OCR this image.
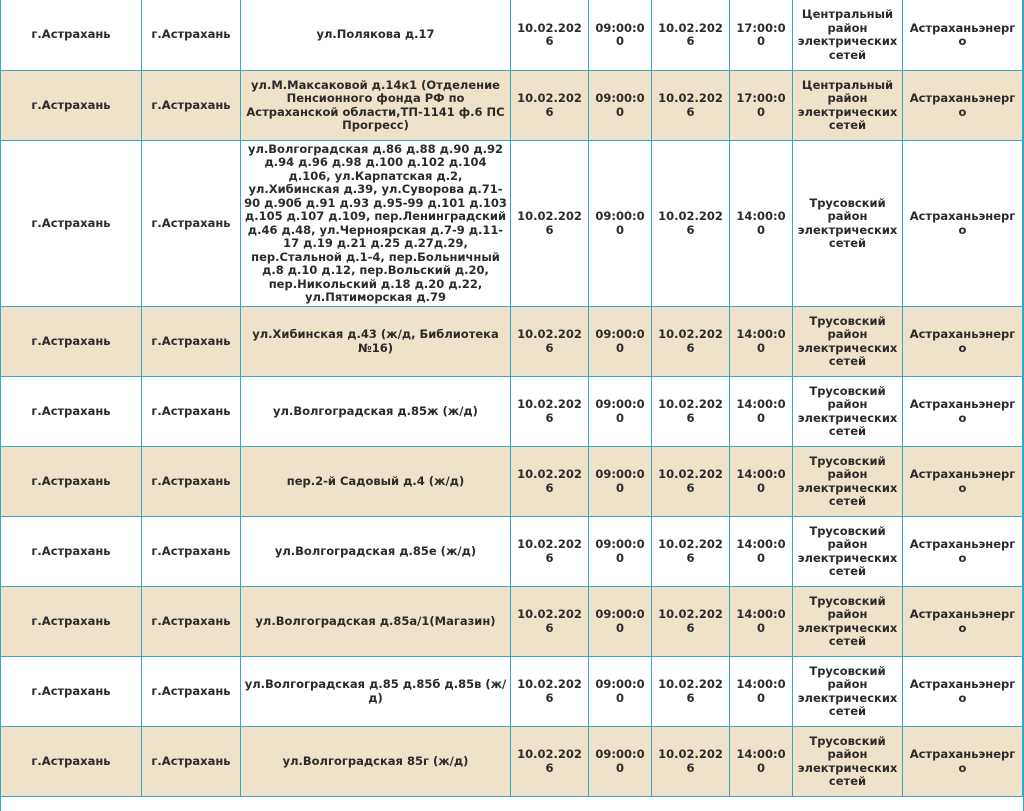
г.Астрахань	г.Астрахань	ул.Полякова д.17	10.02.2026	09:00:00	10.02.2026	17:00:00	Центральный район электрических сетей	Астраханьэнерго
г.Астрахань	г.Астрахань	ул.М.Максаковой д.14к1 (Отделение Пенсионного фонда РФ по Астраханской области,ТП-1141 ф.6 ПС Прогресс)	10.02.2026	09:00:00	10.02.2026	17:00:00	Центральный район электрических сетей	Астраханьэнерго
г.Астрахань	г.Астрахань	ул.Волгоградская д.86 д.88 д.90 д.92 д.94 д.96 д.98 д.100 д.102 д.104 д.106, ул.Карпатская д.2, ул.Хибинская д.39, ул.Суворова д.71-90 д.90б д.91 д.93 д.95-99 д.101 д.103 д.105 д.107 д.109, пер.Ленинградский д.46 д.48, ул.Черноярская д.7-9 д.11-17 д.19 д.21 д.25 д.27д.29, пер.Стальной д.1-4, пер.Больничный д.8 д.10 д.12, пер.Вольский д.20, пер.Никольский д.18 д.20 д.22, ул.Пятиморская д.79	10.02.2026	09:00:00	10.02.2026	14:00:00	Трусовский район электрических сетей	Астраханьэнерго
г.Астрахань	г.Астрахань	ул.Хибинская д.43 (ж/д, Библиотека №16)	10.02.2026	09:00:00	10.02.2026	14:00:00	Трусовский район электрических сетей	Астраханьэнерго
г.Астрахань	г.Астрахань	ул.Волгоградская д.85ж (ж/д)	10.02.2026	09:00:00	10.02.2026	14:00:00	Трусовский район электрических сетей	Астраханьэнерго
г.Астрахань	г.Астрахань	пер.2-й Садовый д.4 (ж/д)	10.02.2026	09:00:00	10.02.2026	14:00:00	Трусовский район электрических сетей	Астраханьэнерго
г.Астрахань	г.Астрахань	ул.Волгоградская д.85е (ж/д)	10.02.2026	09:00:00	10.02.2026	14:00:00	Трусовский район электрических сетей	Астраханьэнерго
г.Астрахань	г.Астрахань	ул.Волгоградская д.85а/1(Магазин)	10.02.2026	09:00:00	10.02.2026	14:00:00	Трусовский район электрических сетей	Астраханьэнерго
г.Астрахань	г.Астрахань	ул.Волгоградская д.85 д.85б д.85в (ж/д)	10.02.2026	09:00:00	10.02.2026	14:00:00	Трусовский район электрических сетей	Астраханьэнерго
г.Астрахань	г.Астрахань	ул.Волгоградская 85г (ж/д)	10.02.2026	09:00:00	10.02.2026	14:00:00	Трусовский район электрических сетей	Астраханьэнерго
